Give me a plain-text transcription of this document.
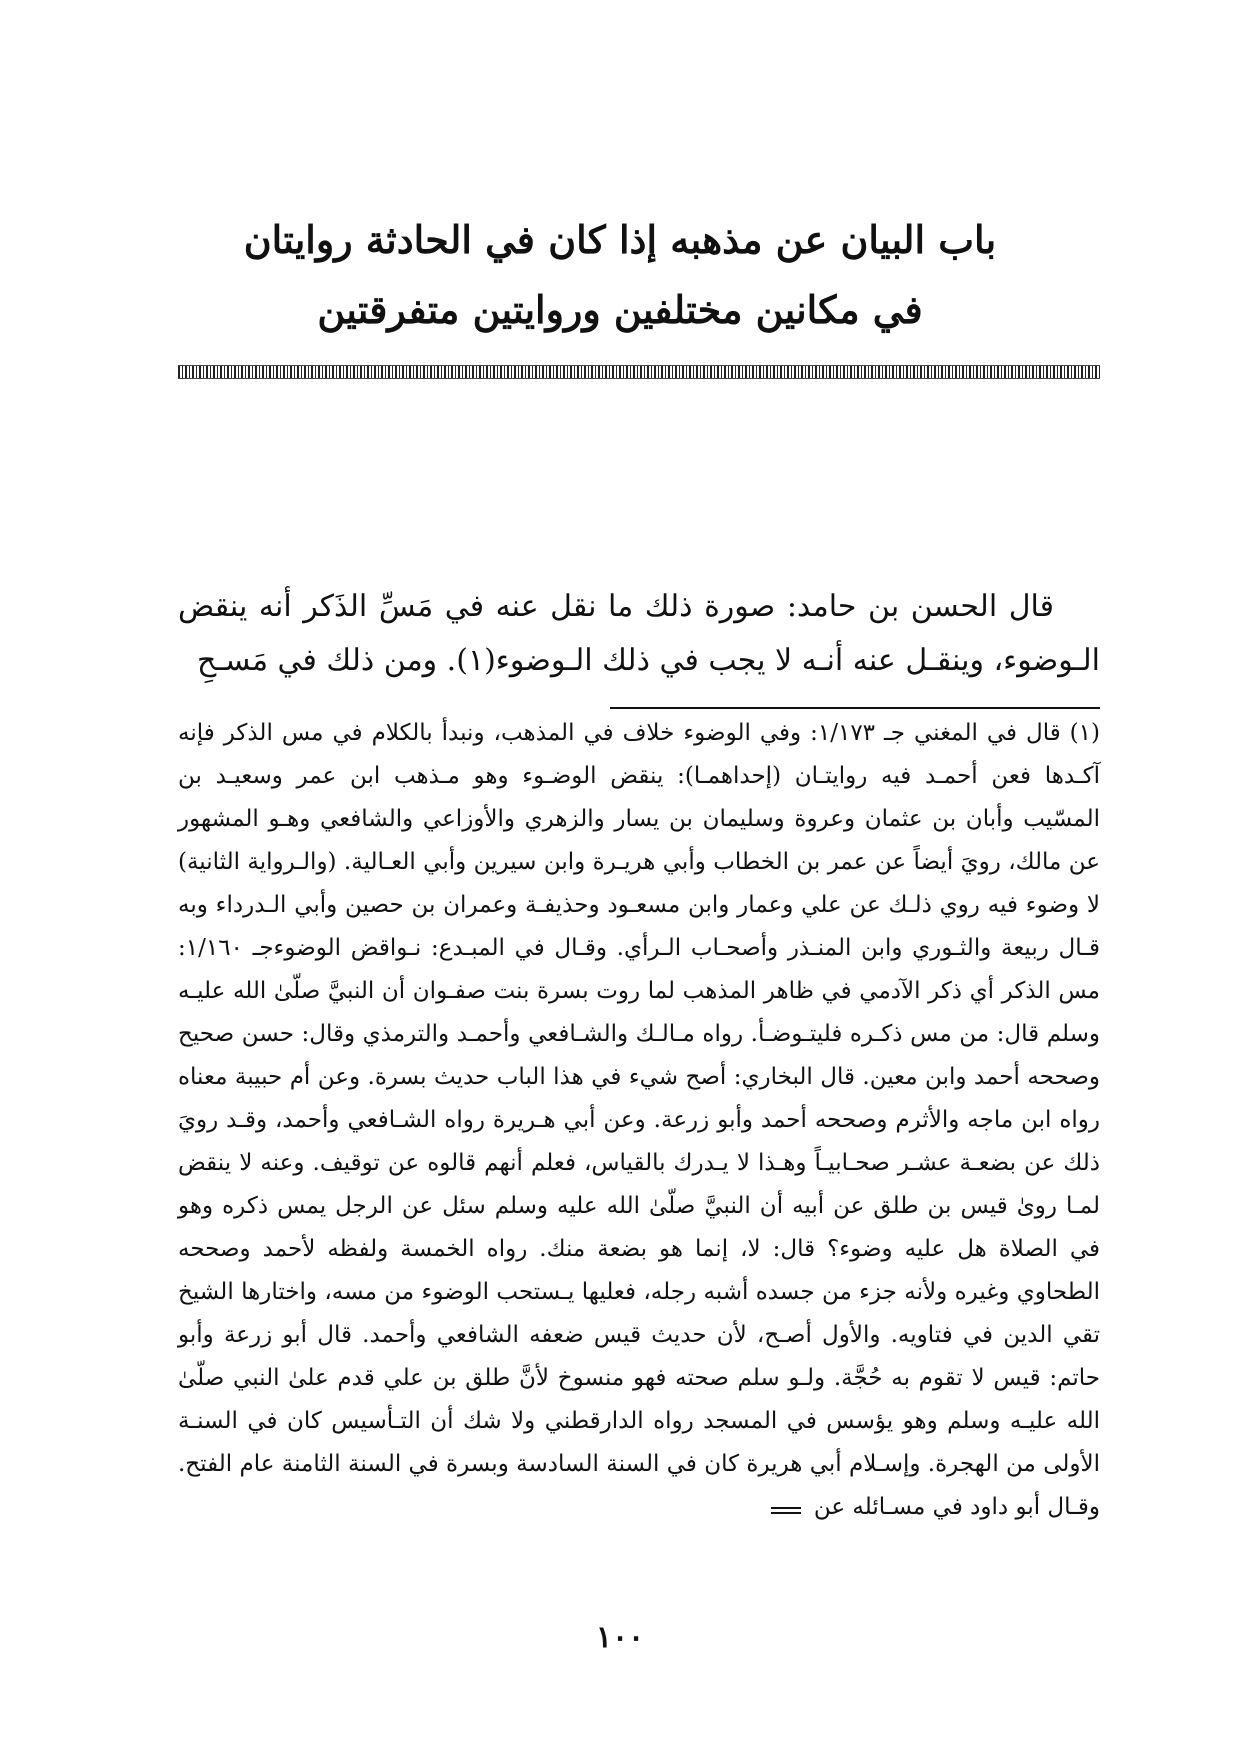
باب البيان عن مذهبه إذا كان في الحادثة روايتان
في مكانين مختلفين وروايتين متفرقتين

قال الحسن بن حامد: صورة ذلك ما نقل عنه في مَسِّ الذَكر أنه ينقض الـوضوء، وينقـل عنه أنـه لا يجب في ذلك الـوضوء(١). ومن ذلك في مَسـحِ

(١) قال في المغني جـ ١/١٧٣: وفي الوضوء خلاف في المذهب، ونبدأ بالكلام في مس الذكر فإنه آكـدها فعن أحمـد فيه روايتـان (إحداهمـا): ينقض الوضـوء وهو مـذهب ابن عمر وسعيـد بن المسّيب وأبان بن عثمان وعروة وسليمان بن يسار والزهري والأوزاعي والشافعي وهـو المشهور عن مالك، رويَ أيضاً عن عمر بن الخطاب وأبي هريـرة وابن سيرين وأبي العـالية. (والـرواية الثانية) لا وضوء فيه روي ذلـك عن علي وعمار وابن مسعـود وحذيفـة وعمران بن حصين وأبي الـدرداء وبه قـال ربيعة والثـوري وابن المنـذر وأصحـاب الـرأي. وقـال في المبـدع: نـواقض الوضوءجـ ١/١٦٠: مس الذكر أي ذكر الآدمي في ظاهر المذهب لما روت بسرة بنت صفـوان أن النبيَّ صلّىٰ الله عليـه وسلم قال: من مس ذكـره فليتـوضـأ. رواه مـالـك والشـافعي وأحمـد والترمذي وقال: حسن صحيح وصححه أحمد وابن معين. قال البخاري: أصح شيء في هذا الباب حديث بسرة. وعن أم حبيبة معناه رواه ابن ماجه والأثرم وصححه أحمد وأبو زرعة. وعن أبي هـريرة رواه الشـافعي وأحمد، وقـد رويَ ذلك عن بضعـة عشـر صحـابيـاً وهـذا لا يـدرك بالقياس، فعلم أنهم قالوه عن توقيف. وعنه لا ينقض لمـا روىٰ قيس بن طلق عن أبيه أن النبيَّ صلّىٰ الله عليه وسلم سئل عن الرجل يمس ذكره وهو في الصلاة هل عليه وضوء؟ قال: لا، إنما هو بضعة منك. رواه الخمسة ولفظه لأحمد وصححه الطحاوي وغيره ولأنه جزء من جسده أشبه رجله، فعليها يـستحب الوضوء من مسه، واختارها الشيخ تقي الدين في فتاويه. والأول أصـح، لأن حديث قيس ضعفه الشافعي وأحمد. قال أبو زرعة وأبو حاتم: قيس لا تقوم به حُجَّة. ولـو سلم صحته فهو منسوخ لأنَّ طلق بن علي قدم علىٰ النبي صلّىٰ الله عليـه وسلم وهو يؤسس في المسجد رواه الدارقطني ولا شك أن التـأسيس كان في السنـة الأولى من الهجرة. وإسـلام أبي هريرة كان في السنة السادسة وبسرة في السنة الثامنة عام الفتح. وقـال أبو داود في مسـائله عن

١٠٠
